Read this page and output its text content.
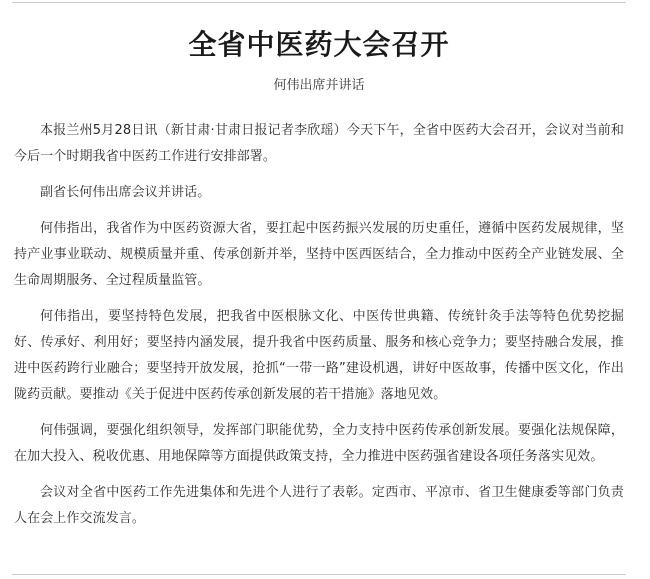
全省中医药大会召开
何伟出席并讲话

本报兰州5月28日讯（新甘肃·甘肃日报记者李欣瑶）今天下午，全省中医药大会召开，会议对当前和今后一个时期我省中医药工作进行安排部署。

副省长何伟出席会议并讲话。

何伟指出，我省作为中医药资源大省，要扛起中医药振兴发展的历史重任，遵循中医药发展规律，坚持产业事业联动、规模质量并重、传承创新并举，坚持中医西医结合，全力推动中医药全产业链发展、全生命周期服务、全过程质量监管。

何伟指出，要坚持特色发展，把我省中医根脉文化、中医传世典籍、传统针灸手法等特色优势挖掘好、传承好、利用好；要坚持内涵发展，提升我省中医药质量、服务和核心竞争力；要坚持融合发展，推进中医药跨行业融合；要坚持开放发展，抢抓“一带一路”建设机遇，讲好中医故事，传播中医文化，作出陇药贡献。要推动《关于促进中医药传承创新发展的若干措施》落地见效。

何伟强调，要强化组织领导，发挥部门职能优势，全力支持中医药传承创新发展。要强化法规保障，在加大投入、税收优惠、用地保障等方面提供政策支持，全力推进中医药强省建设各项任务落实见效。

会议对全省中医药工作先进集体和先进个人进行了表彰。定西市、平凉市、省卫生健康委等部门负责人在会上作交流发言。
